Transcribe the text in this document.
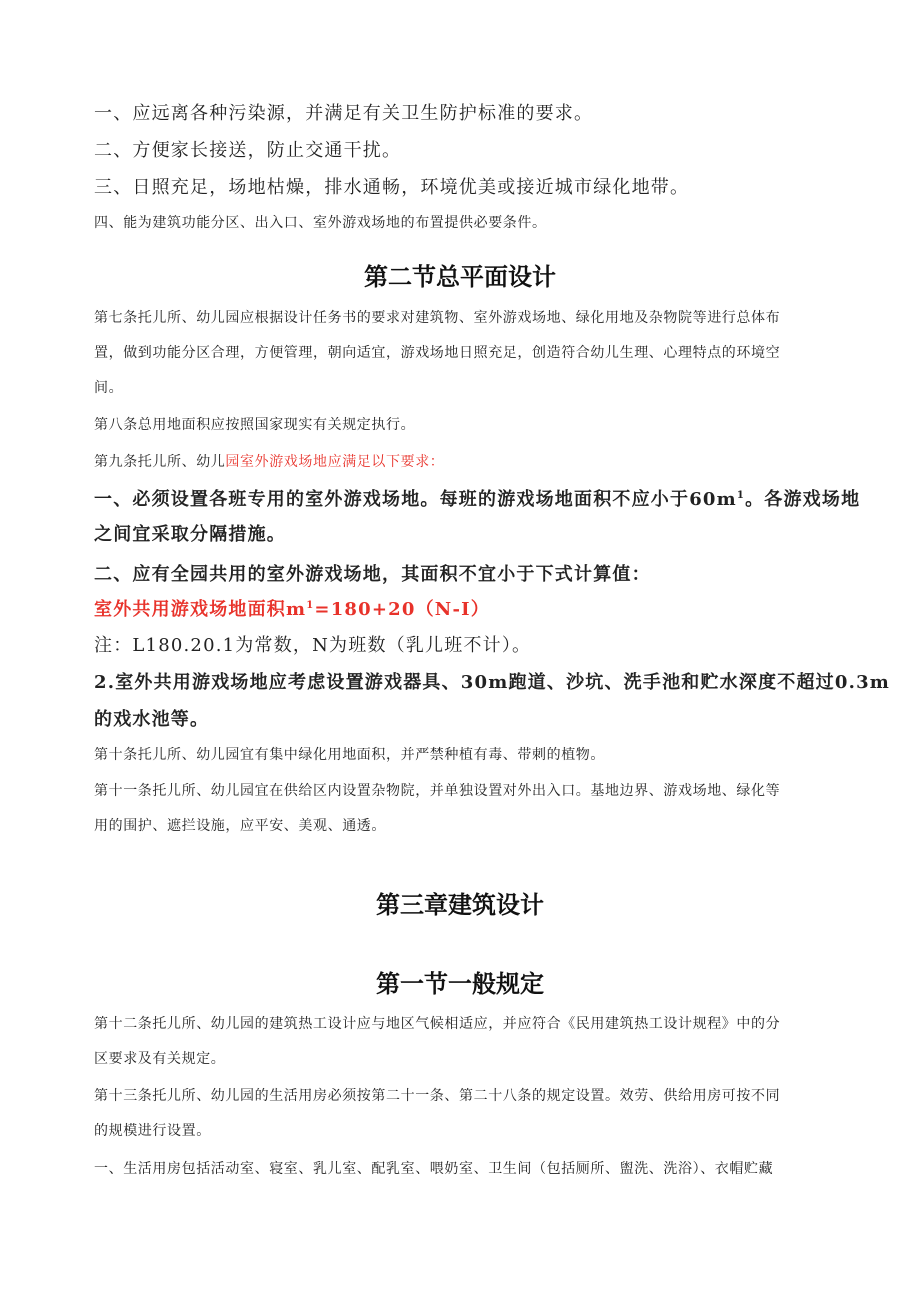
一、应远离各种污染源，并满足有关卫生防护标准的要求。
二、方便家长接送，防止交通干扰。
三、日照充足，场地枯燥，排水通畅，环境优美或接近城市绿化地带。
四、能为建筑功能分区、出入口、室外游戏场地的布置提供必要条件。
第二节总平面设计
第七条托儿所、幼儿园应根据设计任务书的要求对建筑物、室外游戏场地、绿化用地及杂物院等进行总体布
置，做到功能分区合理，方便管理，朝向适宜，游戏场地日照充足，创造符合幼儿生理、心理特点的环境空
间。
第八条总用地面积应按照国家现实有关规定执行。
第九条托儿所、幼儿园室外游戏场地应满足以下要求：
一、必须设置各班专用的室外游戏场地。每班的游戏场地面积不应小于$60m^1$。各游戏场地
之间宜采取分隔措施。
二、应有全园共用的室外游戏场地，其面积不宜小于下式计算值：
室外共用游戏场地面积$m^1=180+20(N-I)$
注：L180.20.1为常数，N为班数（乳儿班不计）。
2.室外共用游戏场地应考虑设置游戏器具、30m跑道、沙坑、洗手池和贮水深度不超过0.3m
的戏水池等。
第十条托儿所、幼儿园宜有集中绿化用地面积，并严禁种植有毒、带刺的植物。
第十一条托儿所、幼儿园宜在供给区内设置杂物院，并单独设置对外出入口。基地边界、游戏场地、绿化等
用的围护、遮拦设施，应平安、美观、通透。
第三章建筑设计
第一节一般规定
第十二条托儿所、幼儿园的建筑热工设计应与地区气候相适应，并应符合《民用建筑热工设计规程》中的分
区要求及有关规定。
第十三条托儿所、幼儿园的生活用房必须按第二十一条、第二十八条的规定设置。效劳、供给用房可按不同
的规模进行设置。
一、生活用房包括活动室、寝室、乳儿室、配乳室、喂奶室、卫生间（包括厕所、盥洗、洗浴）、衣帽贮藏
